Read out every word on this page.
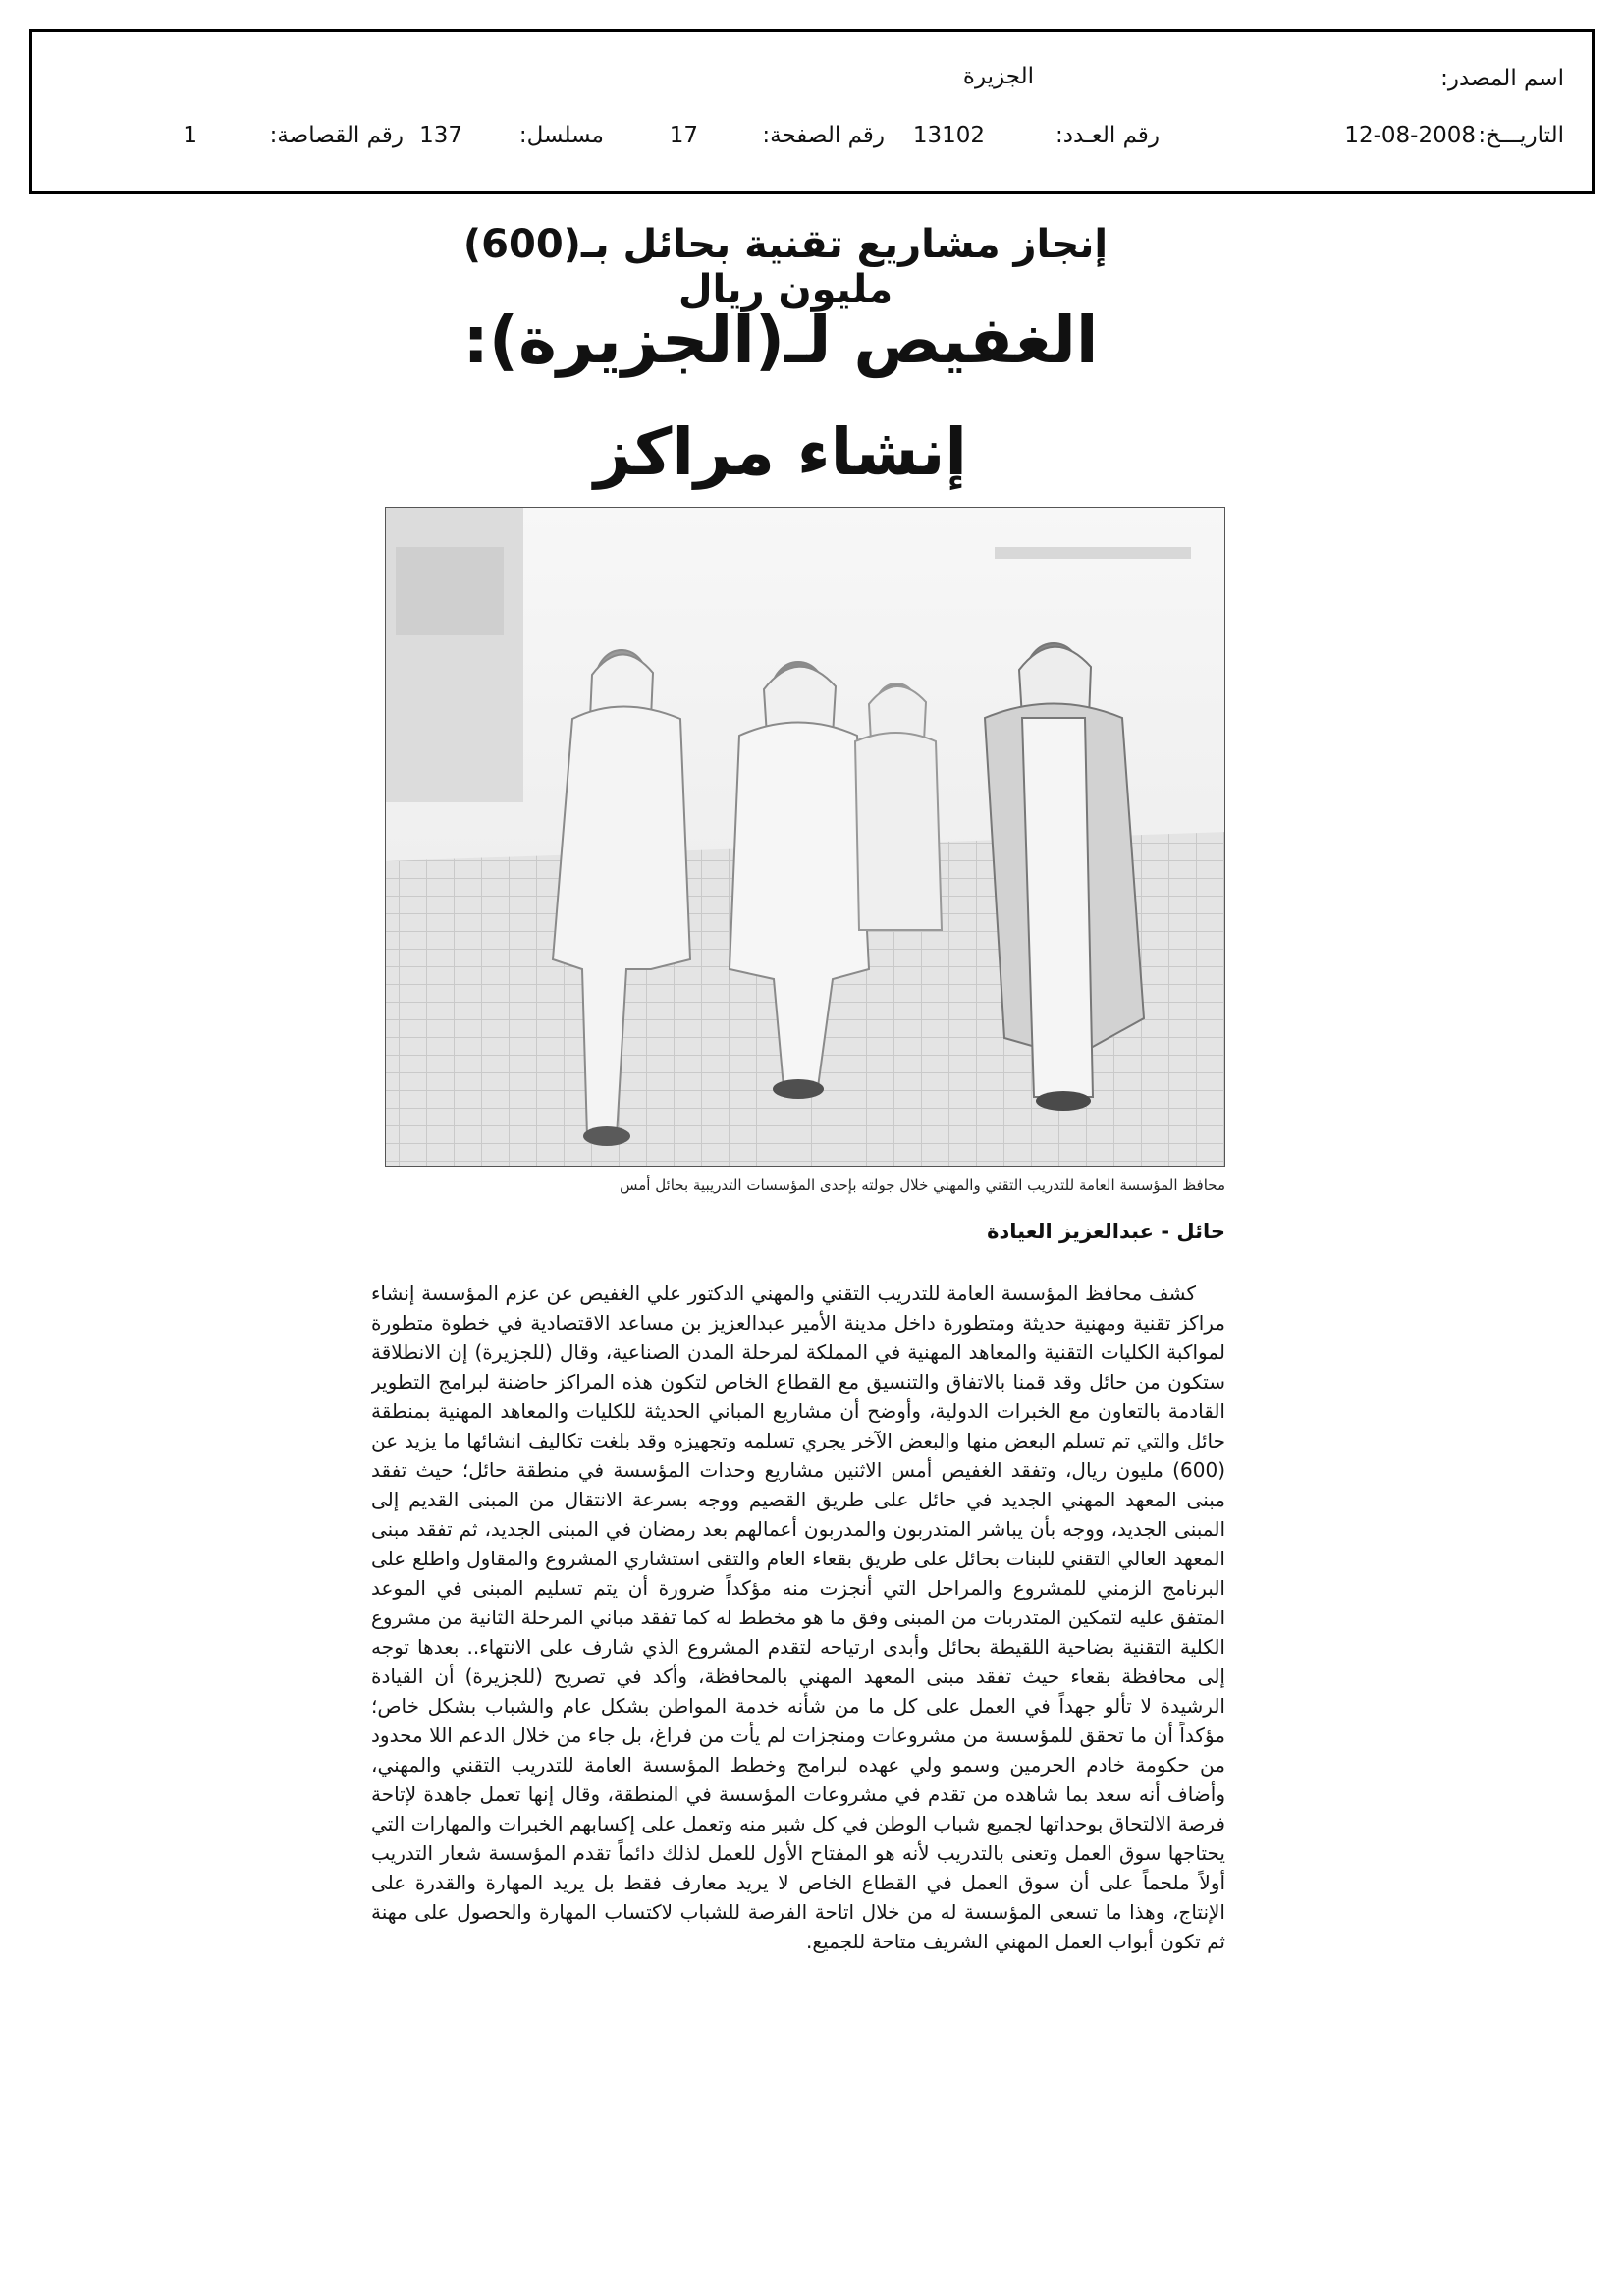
اسم المصدر:
الجزيرة
التاريـــخ:
12-08-2008
رقم العـدد:
13102
رقم الصفحة:
17
مسلسل:
137
رقم القصاصة:
1
إنجاز مشاريع تقنية بحائل بـ(600) مليون ريال
الغفيص لـ(الجزيرة): إنشاء مراكز
محافظ المؤسسة العامة للتدريب التقني والمهني خلال جولته بإحدى المؤسسات التدريبية بحائل أمس
حائل - عبدالعزيز العيادة

كشف محافظ المؤسسة العامة للتدريب التقني والمهني الدكتور علي الغفيص عن عزم المؤسسة إنشاء مراكز تقنية ومهنية حديثة ومتطورة داخل مدينة الأمير عبدالعزيز بن مساعد الاقتصادية في خطوة متطورة لمواكبة الكليات التقنية والمعاهد المهنية في المملكة لمرحلة المدن الصناعية، وقال (للجزيرة) إن الانطلاقة ستكون من حائل وقد قمنا بالاتفاق والتنسيق مع القطاع الخاص لتكون هذه المراكز حاضنة لبرامج التطوير القادمة بالتعاون مع الخبرات الدولية، وأوضح أن مشاريع المباني الحديثة للكليات والمعاهد المهنية بمنطقة حائل والتي تم تسلم البعض منها والبعض الآخر يجري تسلمه وتجهيزه وقد بلغت تكاليف انشائها ما يزيد عن (600) مليون ريال، وتفقد الغفيص أمس الاثنين مشاريع وحدات المؤسسة في منطقة حائل؛ حيث تفقد مبنى المعهد المهني الجديد في حائل على طريق القصيم ووجه بسرعة الانتقال من المبنى القديم إلى المبنى الجديد، ووجه بأن يباشر المتدربون والمدربون أعمالهم بعد رمضان في المبنى الجديد، ثم تفقد مبنى المعهد العالي التقني للبنات بحائل على طريق بقعاء العام والتقى استشاري المشروع والمقاول واطلع على البرنامج الزمني للمشروع والمراحل التي أنجزت منه مؤكداً ضرورة أن يتم تسليم المبنى في الموعد المتفق عليه لتمكين المتدربات من المبنى وفق ما هو مخطط له كما تفقد مباني المرحلة الثانية من مشروع الكلية التقنية بضاحية اللقيطة بحائل وأبدى ارتياحه لتقدم المشروع الذي شارف على الانتهاء.. بعدها توجه إلى محافظة بقعاء حيث تفقد مبنى المعهد المهني بالمحافظة، وأكد في تصريح (للجزيرة) أن القيادة الرشيدة لا تألو جهداً في العمل على كل ما من شأنه خدمة المواطن بشكل عام والشباب بشكل خاص؛ مؤكداً أن ما تحقق للمؤسسة من مشروعات ومنجزات لم يأت من فراغ، بل جاء من خلال الدعم اللا محدود من حكومة خادم الحرمين وسمو ولي عهده لبرامج وخطط المؤسسة العامة للتدريب التقني والمهني، وأضاف أنه سعد بما شاهده من تقدم في مشروعات المؤسسة في المنطقة، وقال إنها تعمل جاهدة لإتاحة فرصة الالتحاق بوحداتها لجميع شباب الوطن في كل شبر منه وتعمل على إكسابهم الخبرات والمهارات التي يحتاجها سوق العمل وتعنى بالتدريب لأنه هو المفتاح الأول للعمل لذلك دائماً تقدم المؤسسة شعار التدريب أولاً ملحماً على أن سوق العمل في القطاع الخاص لا يريد معارف فقط بل يريد المهارة والقدرة على الإنتاج، وهذا ما تسعى المؤسسة له من خلال اتاحة الفرصة للشباب لاكتساب المهارة والحصول على مهنة ثم تكون أبواب العمل المهني الشريف متاحة للجميع.
